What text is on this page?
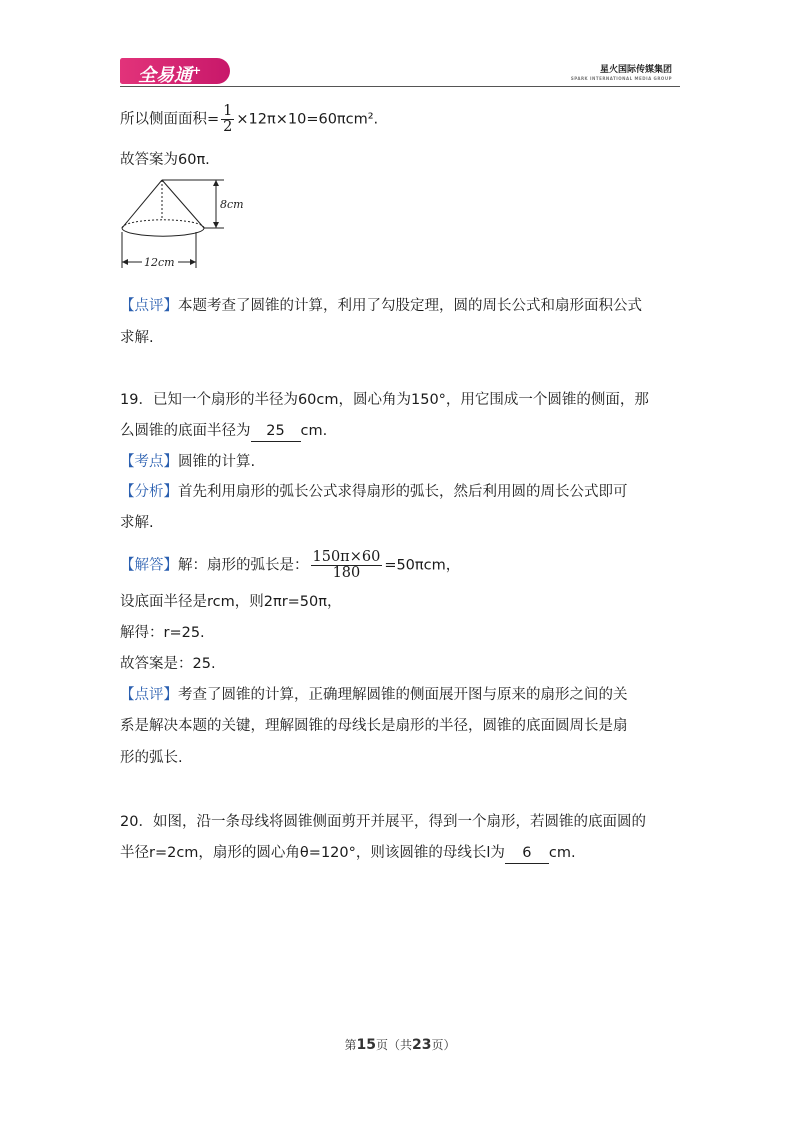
全易通+	星火国际传媒集团
SPARK INTERNATIONAL MEDIA GROUP
所以侧面面积= $\frac{1}{2} \times 12\pi\times 10=60\pi cm^2$.
故答案为60π.
8cm
12cm
【点评】本题考查了圆锥的计算，利用了勾股定理，圆的周长公式和扇形面积公式
求解.
19．已知一个扇形的半径为60cm，圆心角为150°，用它围成一个圆锥的侧面，那
么圆锥的底面半径为 25 cm.
【考点】圆锥的计算.
【分析】首先利用扇形的弧长公式求得扇形的弧长，然后利用圆的周长公式即可
求解.
【解答】解：扇形的弧长是： $\frac{150\pi\times 60}{180} =50\pi cm$，
设底面半径是rcm，则2πr=50π，
解得：r=25.
故答案是：25.
【点评】考查了圆锥的计算，正确理解圆锥的侧面展开图与原来的扇形之间的关
系是解决本题的关键，理解圆锥的母线长是扇形的半径，圆锥的底面圆周长是扇
形的弧长.
20．如图，沿一条母线将圆锥侧面剪开并展平，得到一个扇形，若圆锥的底面圆的
半径r=2cm，扇形的圆心角θ=120°，则该圆锥的母线长l为 6 cm.
第15页（共23页）
